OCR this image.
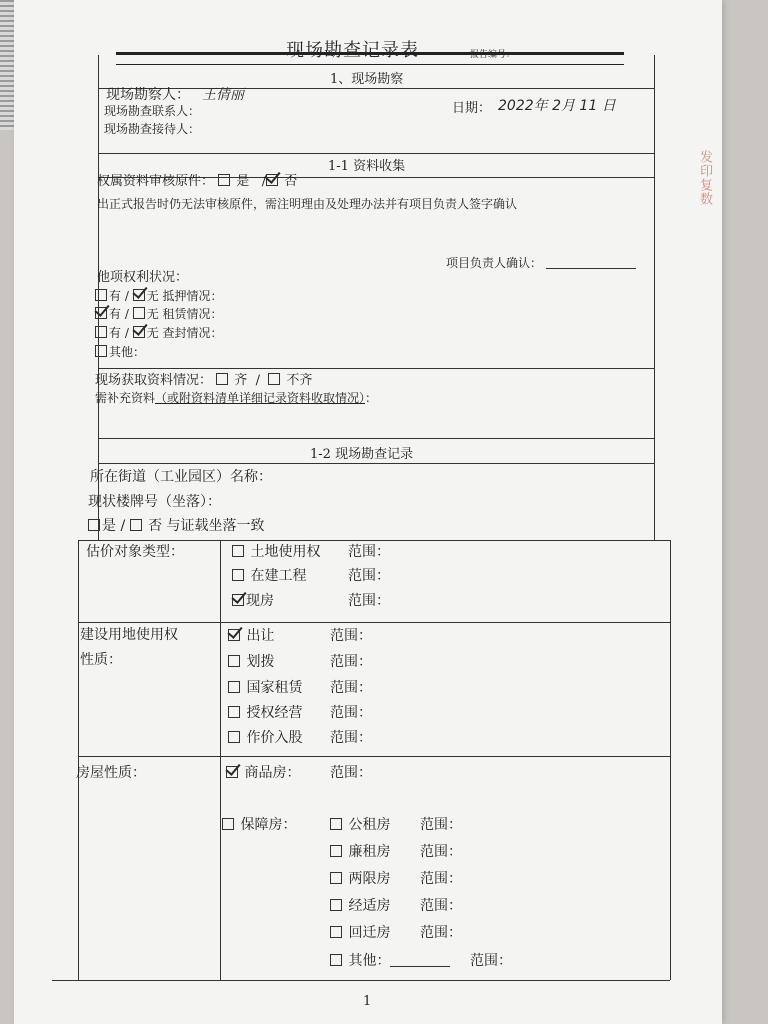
发印复数
现场勘查记录表	报告编号：
1、现场勘察
现场勘察人： 王倩丽
现场勘查联系人：
现场勘查接待人：
日期： 2022年 2月 11 日
1-1 资料收集
权属资料审核原件： 是   / 否
出正式报告时仍无法审核原件，需注明理由及处理办法并有项目负责人签字确认
项目负责人确认：
他项权利状况：
有 / 无 抵押情况：
有 / 无 租赁情况：
有 / 无 查封情况：
其他：
现场获取资料情况： 齐  /   不齐
需补充资料（或附资料清单详细记录资料收取情况）：
1-2 现场勘查记录
所在街道（工业园区）名称：
现状楼牌号（坐落）：
是 /  否 与证载坐落一致
估价对象类型：	土地使用权 范围：
在建工程	范围：
现房	范围：
建设用地使用权
性质：
出让	范围：
划拨	范围：
国家租赁 范围：
授权经营 范围：
作价入股 范围：
房屋性质：	商品房： 范围：
保障房：	公租房 范围：
廉租房 范围：
两限房 范围：
经适房 范围：
回迁房 范围：
其他：	范围：
1
